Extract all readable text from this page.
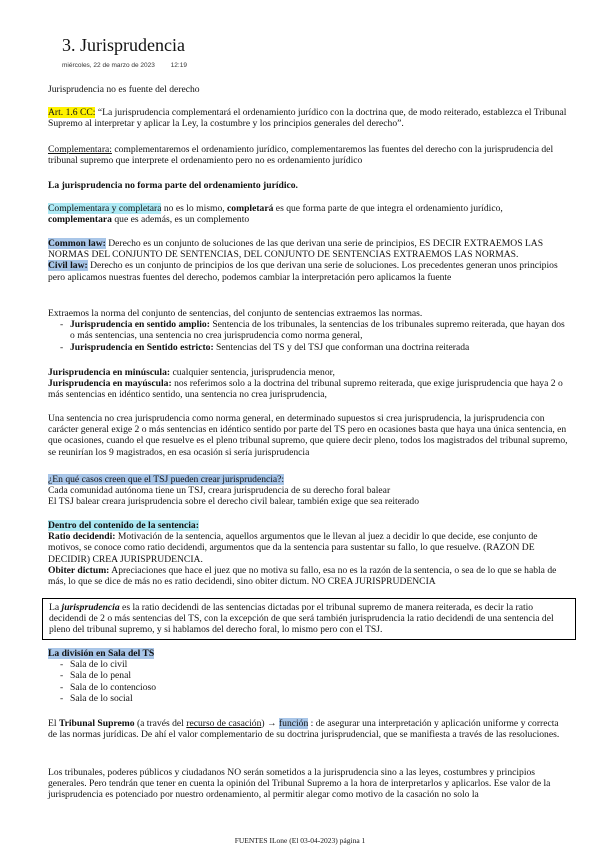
3. Jurisprudencia
miércoles, 22 de marzo de 2023 12:19

Jurisprudencia no es fuente del derecho

Art. 1.6 CC: “La jurisprudencia complementará el ordenamiento jurídico con la doctrina que, de modo reiterado, establezca el Tribunal Supremo al interpretar y aplicar la Ley, la costumbre y los principios generales del derecho”.

Complementara: complementaremos el ordenamiento jurídico, complementaremos las fuentes del derecho con la jurisprudencia del tribunal supremo que interprete el ordenamiento pero no es ordenamiento jurídico

La jurisprudencia no forma parte del ordenamiento jurídico.

Complementara y completara no es lo mismo, completará es que forma parte de que integra el ordenamiento jurídico, complementara que es además, es un complemento

Common law: Derecho es un conjunto de soluciones de las que derivan una serie de principios, ES DECIR EXTRAEMOS LAS NORMAS DEL CONJUNTO DE SENTENCIAS, DEL CONJUNTO DE SENTENCIAS EXTRAEMOS LAS NORMAS.

Civil law: Derecho es un conjunto de principios de los que derivan una serie de soluciones. Los precedentes generan unos principios pero aplicamos nuestras fuentes del derecho, podemos cambiar la interpretación pero aplicamos la fuente

Extraemos la norma del conjunto de sentencias, del conjunto de sentencias extraemos las normas.

- Jurisprudencia en sentido amplio: Sentencia de los tribunales, la sentencias de los tribunales supremo reiterada, que hayan dos o más sentencias, una sentencia no crea jurisprudencia como norma general,
- Jurisprudencia en Sentido estricto: Sentencias del TS y del TSJ que conforman una doctrina reiterada

Jurisprudencia en minúscula: cualquier sentencia, jurisprudencia menor,

Jurisprudencia en mayúscula: nos referimos solo a la doctrina del tribunal supremo reiterada, que exige jurisprudencia que haya 2 o más sentencias en idéntico sentido, una sentencia no crea jurisprudencia,

Una sentencia no crea jurisprudencia como norma general, en determinado supuestos si crea jurisprudencia, la jurisprudencia con carácter general exige 2 o más sentencias en idéntico sentido por parte del TS pero en ocasiones basta que haya una única sentencia, en que ocasiones, cuando el que resuelve es el pleno tribunal supremo, que quiere decir pleno, todos los magistrados del tribunal supremo, se reunirían los 9 magistrados, en esa ocasión si sería jurisprudencia

¿En qué casos creen que el TSJ pueden crear jurisprudencia?:

Cada comunidad autónoma tiene un TSJ, creara jurisprudencia de su derecho foral balear

El TSJ balear creara jurisprudencia sobre el derecho civil balear, también exige que sea reiterado

Dentro del contenido de la sentencia:

Ratio decidendi: Motivación de la sentencia, aquellos argumentos que le llevan al juez a decidir lo que decide, ese conjunto de motivos, se conoce como ratio decidendi, argumentos que da la sentencia para sustentar su fallo, lo que resuelve. (RAZON DE DECIDIR) CREA JURISPRUDENCIA.

Obiter dictum: Apreciaciones que hace el juez que no motiva su fallo, esa no es la razón de la sentencia, o sea de lo que se habla de más, lo que se dice de más no es ratio decidendi, sino obiter dictum. NO CREA JURISPRUDENCIA

La jurisprudencia es la ratio decidendi de las sentencias dictadas por el tribunal supremo de manera reiterada, es decir la ratio decidendi de 2 o más sentencias del TS, con la excepción de que será también jurisprudencia la ratio decidendi de una sentencia del pleno del tribunal supremo, y si hablamos del derecho foral, lo mismo pero con el TSJ.

La división en Sala del TS

- Sala de lo civil
- Sala de lo penal
- Sala de lo contencioso
- Sala de lo social

El Tribunal Supremo (a través del recurso de casación) → función : de asegurar una interpretación y aplicación uniforme y correcta de las normas jurídicas. De ahí el valor complementario de su doctrina jurisprudencial, que se manifiesta a través de las resoluciones.

Los tribunales, poderes públicos y ciudadanos NO serán sometidos a la jurisprudencia sino a las leyes, costumbres y principios generales. Pero tendrán que tener en cuenta la opinión del Tribunal Supremo a la hora de interpretarlos y aplicarlos. Ese valor de la jurisprudencia es potenciado por nuestro ordenamiento, al permitir alegar como motivo de la casación no solo la

FUENTES ILone (El 03-04-2023) página 1
